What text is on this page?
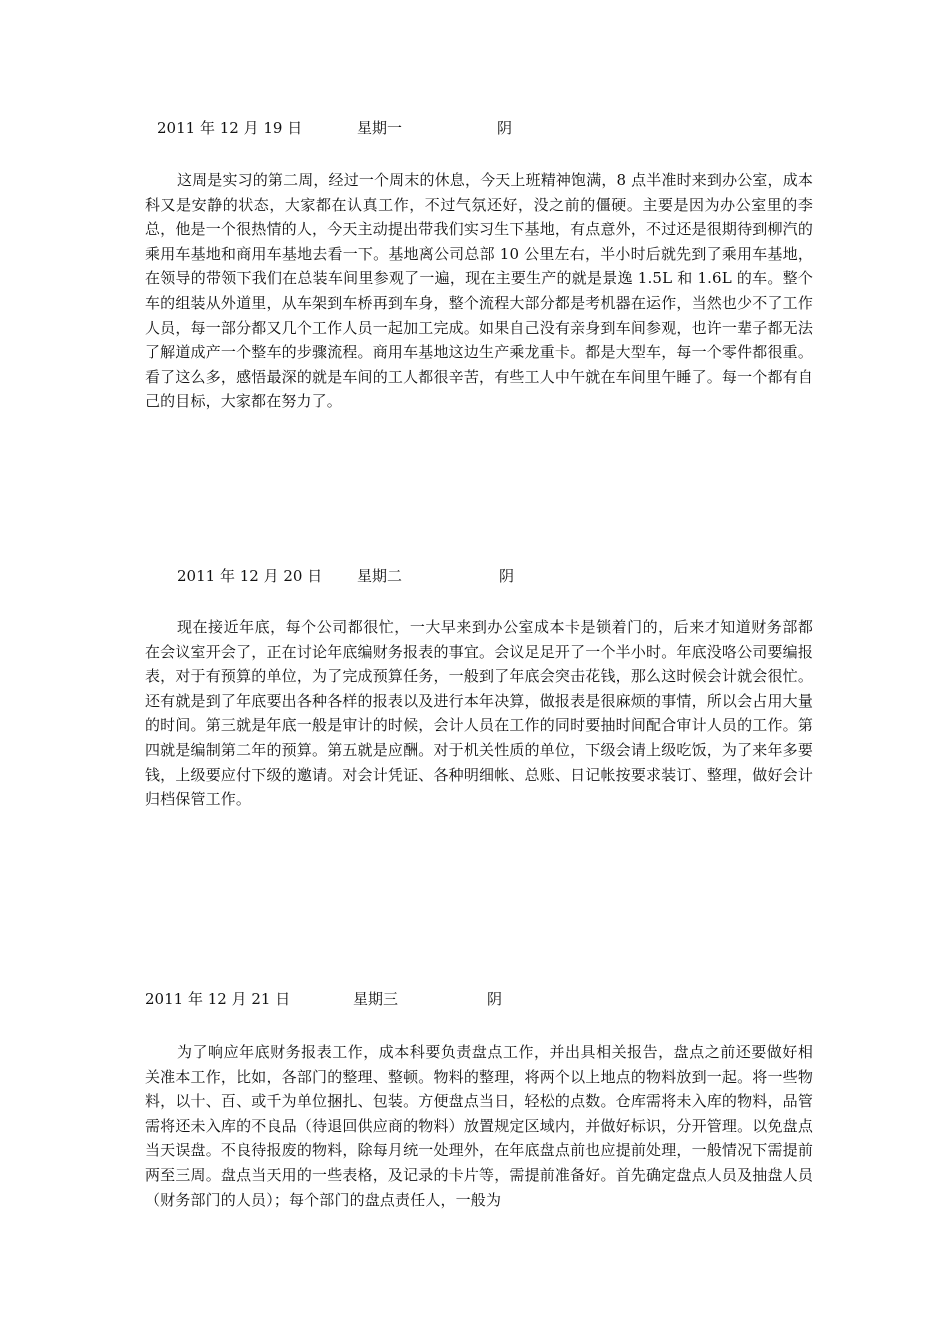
2011 年 12 月 19 日	星期一	阴
这周是实习的第二周，经过一个周末的休息，今天上班精神饱满，8 点半准时来到办公室，成本科又是安静的状态，大家都在认真工作，不过气氛还好，没之前的僵硬。主要是因为办公室里的李总，他是一个很热情的人，今天主动提出带我们实习生下基地，有点意外，不过还是很期待到柳汽的乘用车基地和商用车基地去看一下。基地离公司总部 10 公里左右，半小时后就先到了乘用车基地，在领导的带领下我们在总装车间里参观了一遍，现在主要生产的就是景逸 1.5L 和 1.6L 的车。整个车的组装从外道里，从车架到车桥再到车身，整个流程大部分都是考机器在运作，当然也少不了工作人员，每一部分都又几个工作人员一起加工完成。如果自己没有亲身到车间参观，也许一辈子都无法了解道成产一个整车的步骤流程。商用车基地这边生产乘龙重卡。都是大型车，每一个零件都很重。看了这么多，感悟最深的就是车间的工人都很辛苦，有些工人中午就在车间里午睡了。每一个都有自己的目标，大家都在努力了。
2011 年 12 月 20 日 星期二	阴
现在接近年底，每个公司都很忙，一大早来到办公室成本卡是锁着门的，后来才知道财务部都在会议室开会了，正在讨论年底编财务报表的事宜。会议足足开了一个半小时。年底没咯公司要编报表，对于有预算的单位，为了完成预算任务，一般到了年底会突击花钱，那么这时候会计就会很忙。还有就是到了年底要出各种各样的报表以及进行本年决算，做报表是很麻烦的事情，所以会占用大量的时间。第三就是年底一般是审计的时候，会计人员在工作的同时要抽时间配合审计人员的工作。第四就是编制第二年的预算。第五就是应酬。对于机关性质的单位，下级会请上级吃饭，为了来年多要钱，上级要应付下级的邀请。对会计凭证、各种明细帐、总账、日记帐按要求装订、整理，做好会计归档保管工作。
2011 年 12 月 21 日	星期三	阴
为了响应年底财务报表工作，成本科要负责盘点工作，并出具相关报告，盘点之前还要做好相关准本工作，比如，各部门的整理、整顿。物料的整理，将两个以上地点的物料放到一起。将一些物料，以十、百、或千为单位捆扎、包装。方便盘点当日，轻松的点数。仓库需将未入库的物料，品管需将还未入库的不良品（待退回供应商的物料）放置规定区域内，并做好标识，分开管理。以免盘点当天误盘。不良待报废的物料，除每月统一处理外，在年底盘点前也应提前处理，一般情况下需提前两至三周。盘点当天用的一些表格，及记录的卡片等，需提前准备好。首先确定盘点人员及抽盘人员（财务部门的人员）；每个部门的盘点责任人，一般为
